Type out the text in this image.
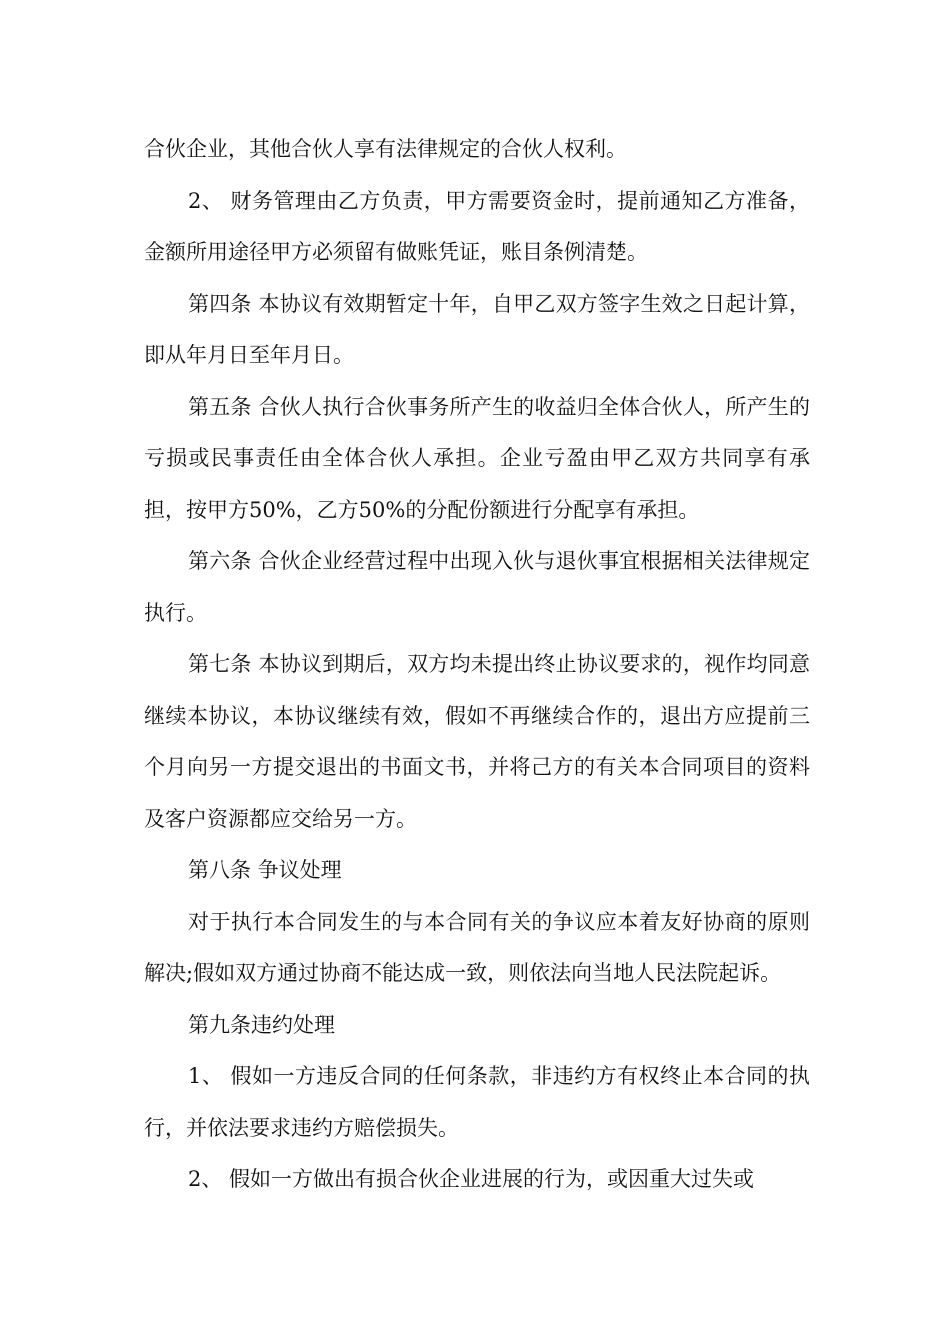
合伙企业，其他合伙人享有法律规定的合伙人权利。

2、 财务管理由乙方负责，甲方需要资金时，提前通知乙方准备，金额所用途径甲方必须留有做账凭证，账目条例清楚。

第四条 本协议有效期暂定十年，自甲乙双方签字生效之日起计算，即从年月日至年月日。

第五条 合伙人执行合伙事务所产生的收益归全体合伙人，所产生的亏损或民事责任由全体合伙人承担。企业亏盈由甲乙双方共同享有承担，按甲方50%，乙方50%的分配份额进行分配享有承担。

第六条 合伙企业经营过程中出现入伙与退伙事宜根据相关法律规定执行。

第七条 本协议到期后，双方均未提出终止协议要求的，视作均同意继续本协议，本协议继续有效，假如不再继续合作的，退出方应提前三个月向另一方提交退出的书面文书，并将己方的有关本合同项目的资料及客户资源都应交给另一方。

第八条 争议处理

对于执行本合同发生的与本合同有关的争议应本着友好协商的原则解决;假如双方通过协商不能达成一致，则依法向当地人民法院起诉。

第九条违约处理

1、 假如一方违反合同的任何条款，非违约方有权终止本合同的执行，并依法要求违约方赔偿损失。

2、 假如一方做出有损合伙企业进展的行为，或因重大过失或
